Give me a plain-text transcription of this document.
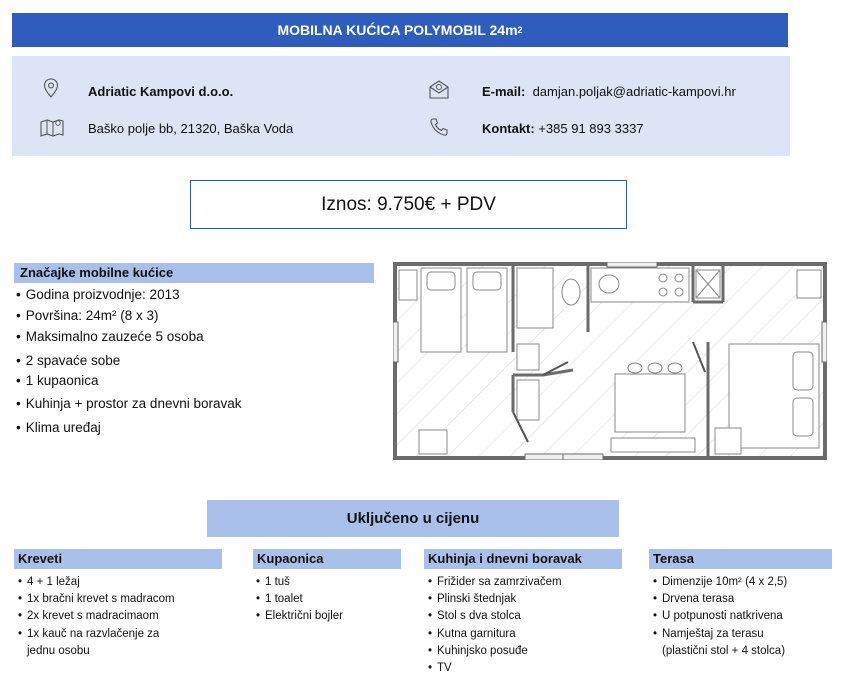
MOBILNA KUĆICA POLYMOBIL 24m 2
Adriatic Kampovi d.o.o.
Baško polje bb, 21320, Baška Voda
E-mail: damjan.poljak@adriatic-kampovi.hr
Kontakt: +385 91 893 3337
Iznos: 9.750€ + PDV
Značajke mobilne kućice
• Godina proizvodnje: 2013
• Površina: 24m² (8 x 3)
• Maksimalno zauzeće 5 osoba
• 2 spavaće sobe
• 1 kupaonica
• Kuhinja + prostor za dnevni boravak
• Klima uređaj
Uključeno u cijenu
Kreveti
• 4 + 1 ležaj
• 1x bračni krevet s madracom
• 2x krevet s madracimaom
• 1x kauč na razvlačenje za
jednu osobu
Kupaonica
• 1 tuš
• 1 toalet
• Električni bojler
Kuhinja i dnevni boravak
• Frižider sa zamrzivačem
• Plinski štednjak
• Stol s dva stolca
• Kutna garnitura
• Kuhinjsko posuđe
• TV
Terasa
• Dimenzije 10m² (4 x 2,5)
• Drvena terasa
• U potpunosti natkrivena
• Namještaj za terasu
(plastični stol + 4 stolca)
